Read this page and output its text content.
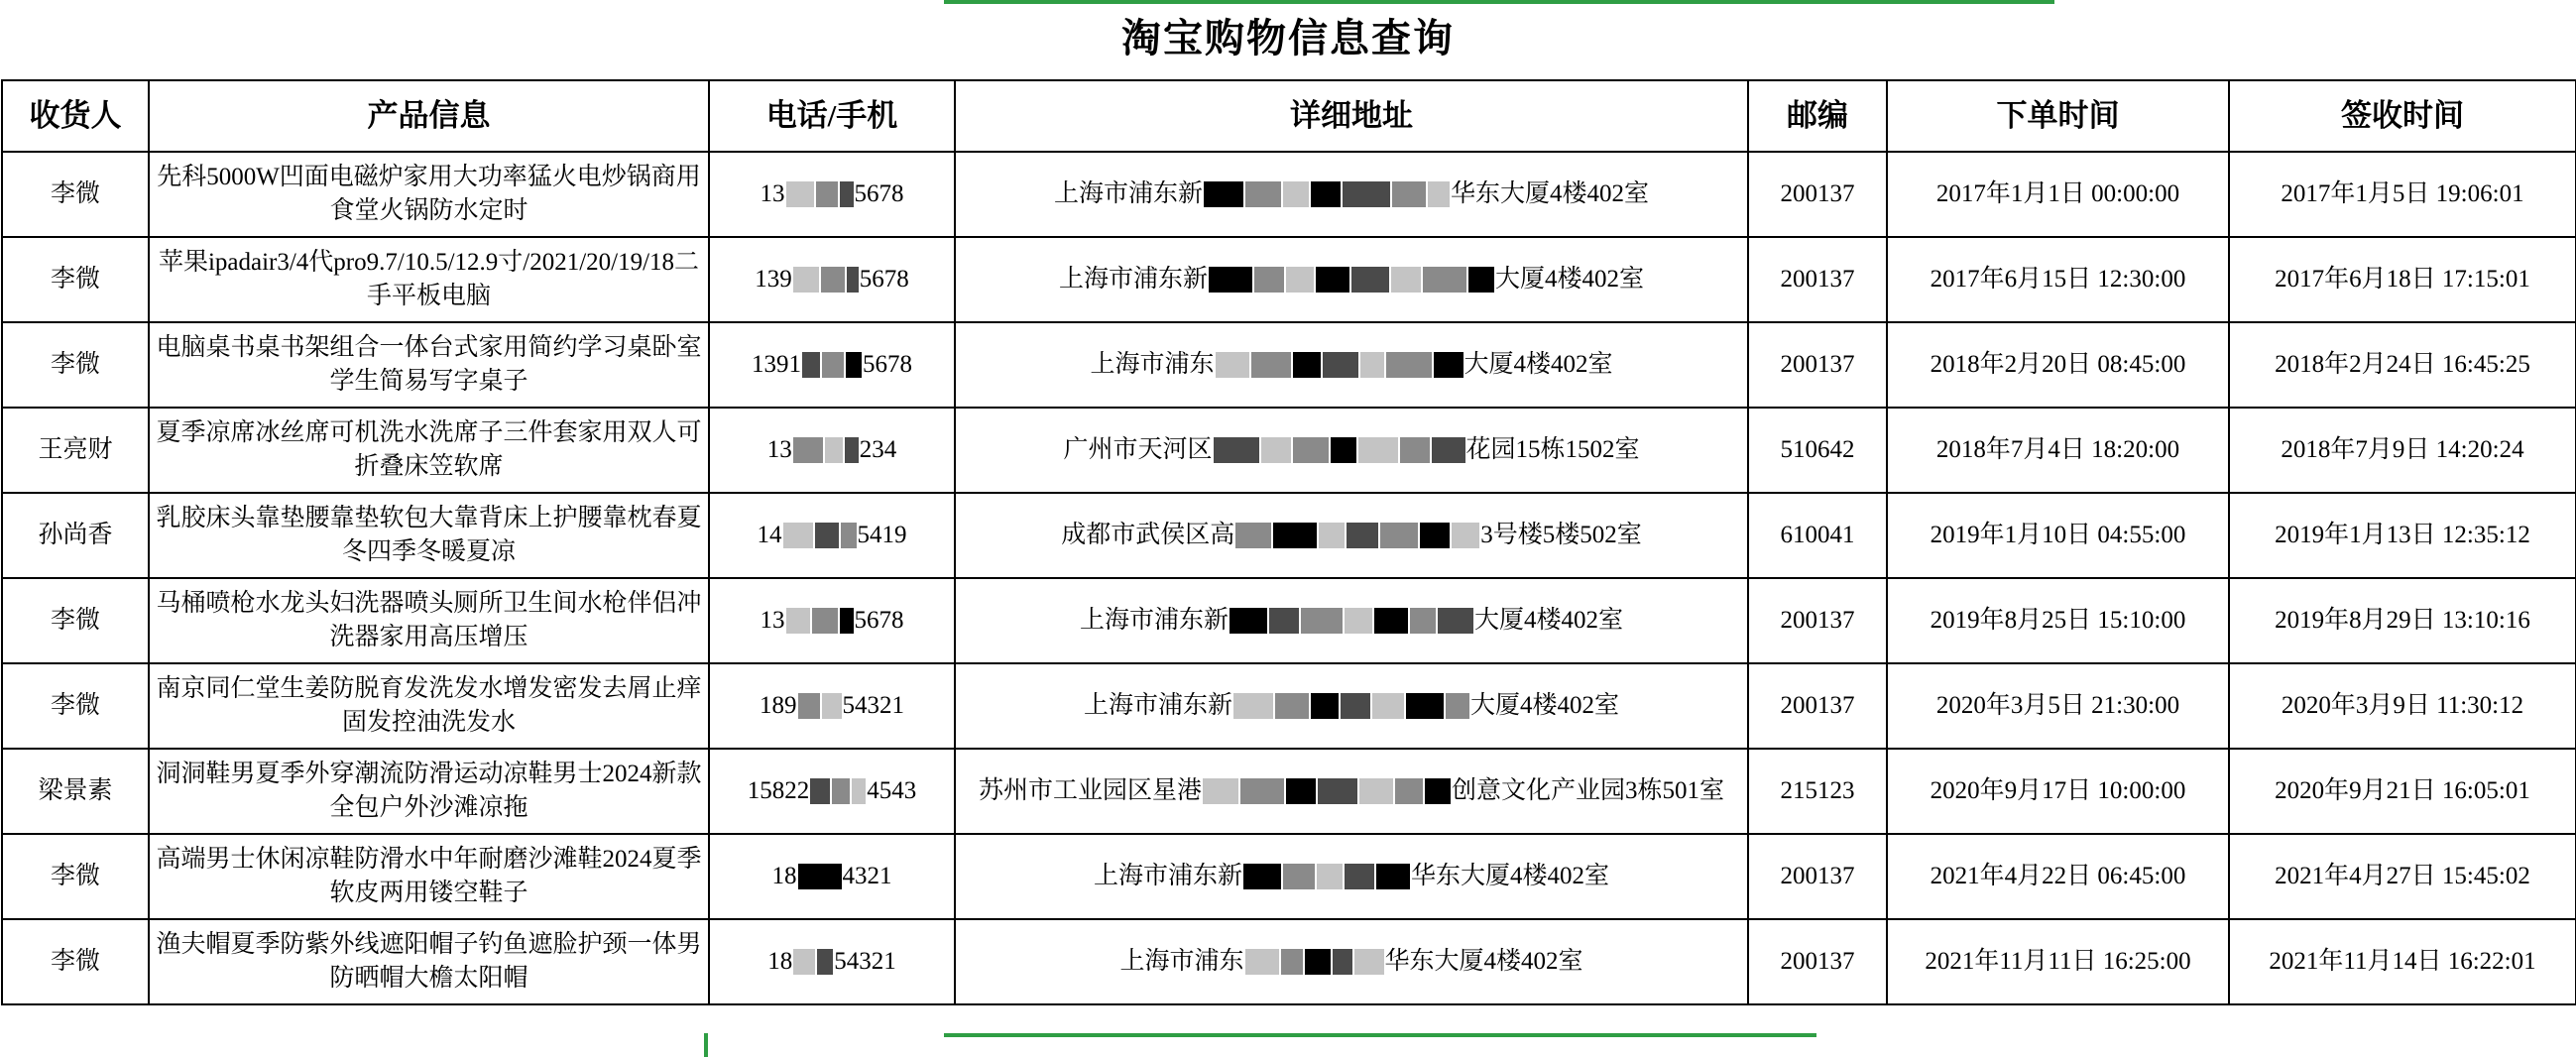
淘宝购物信息查询
收货人	产品信息	电话/手机	详细地址	邮编	下单时间	签收时间
李微	先科5000W凹面电磁炉家用大功率猛火电炒锅商用食堂火锅防水定时	13 5678	上海市浦东新 华东大厦4楼402室	200137	2017年1月1日 00:00:00	2017年1月5日 19:06:01
李微	苹果ipadair3/4代pro9.7/10.5/12.9寸/2021/20/19/18二手平板电脑	139 5678	上海市浦东新 大厦4楼402室	200137	2017年6月15日 12:30:00	2017年6月18日 17:15:01
李微	电脑桌书桌书架组合一体台式家用简约学习桌卧室学生简易写字桌子	1391 5678	上海市浦东 大厦4楼402室	200137	2018年2月20日 08:45:00	2018年2月24日 16:45:25
王亮财	夏季凉席冰丝席可机洗水洗席子三件套家用双人可折叠床笠软席	13 234	广州市天河区 花园15栋1502室	510642	2018年7月4日 18:20:00	2018年7月9日 14:20:24
孙尚香	乳胶床头靠垫腰靠垫软包大靠背床上护腰靠枕春夏冬四季冬暖夏凉	14 5419	成都市武侯区高 3号楼5楼502室	610041	2019年1月10日 04:55:00	2019年1月13日 12:35:12
李微	马桶喷枪水龙头妇洗器喷头厕所卫生间水枪伴侣冲洗器家用高压增压	13 5678	上海市浦东新 大厦4楼402室	200137	2019年8月25日 15:10:00	2019年8月29日 13:10:16
李微	南京同仁堂生姜防脱育发洗发水增发密发去屑止痒固发控油洗发水	189 54321	上海市浦东新 大厦4楼402室	200137	2020年3月5日 21:30:00	2020年3月9日 11:30:12
梁景素	洞洞鞋男夏季外穿潮流防滑运动凉鞋男士2024新款全包户外沙滩凉拖	15822 4543	苏州市工业园区星港 创意文化产业园3栋501室	215123	2020年9月17日 10:00:00	2020年9月21日 16:05:01
李微	高端男士休闲凉鞋防滑水中年耐磨沙滩鞋2024夏季软皮两用镂空鞋子	18 4321	上海市浦东新 华东大厦4楼402室	200137	2021年4月22日 06:45:00	2021年4月27日 15:45:02
李微	渔夫帽夏季防紫外线遮阳帽子钓鱼遮脸护颈一体男防晒帽大檐太阳帽	18 54321	上海市浦东 华东大厦4楼402室	200137	2021年11月11日 16:25:00	2021年11月14日 16:22:01
